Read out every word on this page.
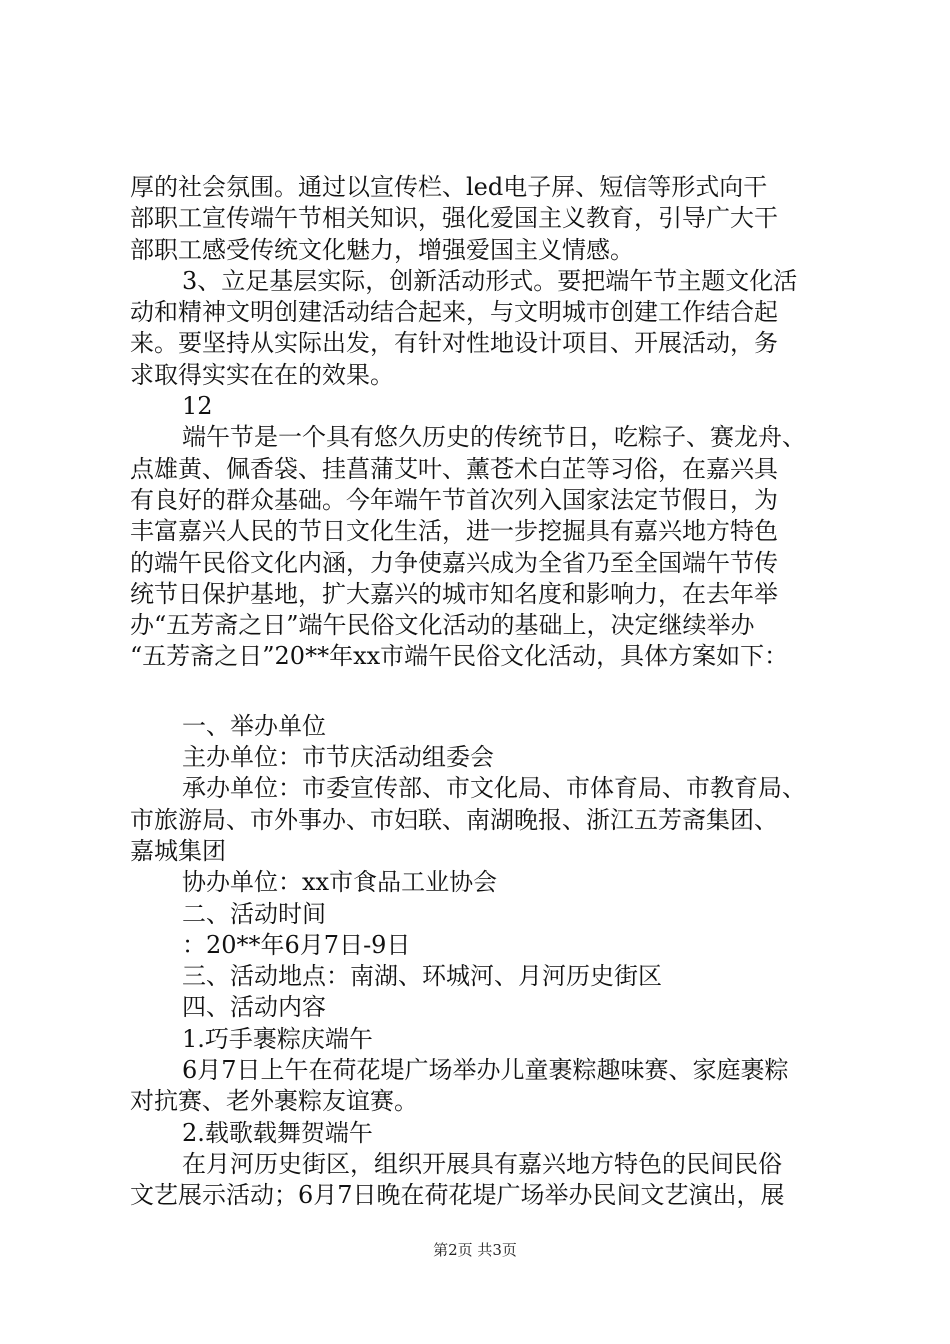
厚的社会氛围。通过以宣传栏、led电子屏、短信等形式向干
部职工宣传端午节相关知识，强化爱国主义教育，引导广大干
部职工感受传统文化魅力，增强爱国主义情感。
3、立足基层实际，创新活动形式。要把端午节主题文化活
动和精神文明创建活动结合起来，与文明城市创建工作结合起
来。要坚持从实际出发，有针对性地设计项目、开展活动，务
求取得实实在在的效果。
12
端午节是一个具有悠久历史的传统节日，吃粽子、赛龙舟、
点雄黄、佩香袋、挂菖蒲艾叶、薰苍术白芷等习俗，在嘉兴具
有良好的群众基础。今年端午节首次列入国家法定节假日，为
丰富嘉兴人民的节日文化生活，进一步挖掘具有嘉兴地方特色
的端午民俗文化内涵，力争使嘉兴成为全省乃至全国端午节传
统节日保护基地，扩大嘉兴的城市知名度和影响力，在去年举
办“五芳斋之日”端午民俗文化活动的基础上，决定继续举办
“五芳斋之日”20**年xx市端午民俗文化活动，具体方案如下：
一、举办单位
主办单位：市节庆活动组委会
承办单位：市委宣传部、市文化局、市体育局、市教育局、
市旅游局、市外事办、市妇联、南湖晚报、浙江五芳斋集团、
嘉城集团
协办单位：xx市食品工业协会
二、活动时间
：20**年6月7日-9日
三、活动地点：南湖、环城河、月河历史街区
四、活动内容
1.巧手裹粽庆端午
6月7日上午在荷花堤广场举办儿童裹粽趣味赛、家庭裹粽
对抗赛、老外裹粽友谊赛。
2.载歌载舞贺端午
在月河历史街区，组织开展具有嘉兴地方特色的民间民俗
文艺展示活动；6月7日晚在荷花堤广场举办民间文艺演出，展
第2页 共3页
